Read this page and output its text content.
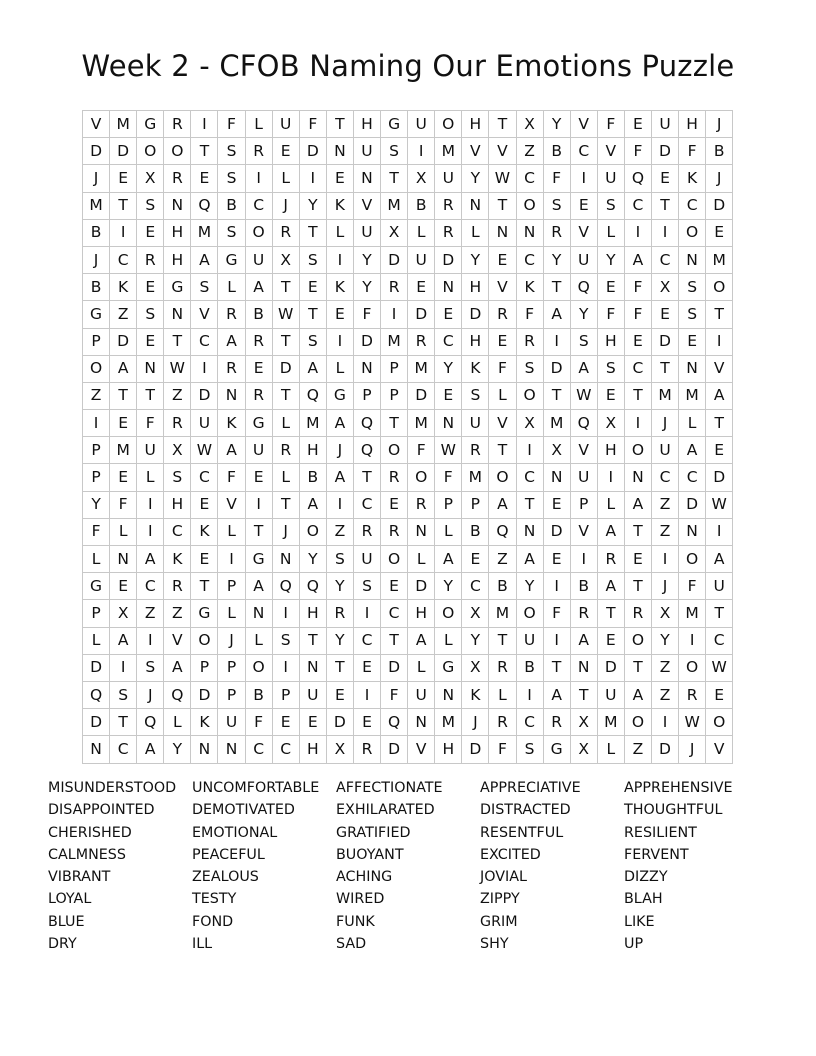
Week 2 - CFOB Naming Our Emotions Puzzle
V	M	G	R	I	F	L	U	F	T	H	G	U	O	H	T	X	Y	V	F	E	U	H	J
D	D	O	O	T	S	R	E	D	N	U	S	I	M	V	V	Z	B	C	V	F	D	F	B
J	E	X	R	E	S	I	L	I	E	N	T	X	U	Y	W	C	F	I	U	Q	E	K	J
M	T	S	N	Q	B	C	J	Y	K	V	M	B	R	N	T	O	S	E	S	C	T	C	D
B	I	E	H	M	S	O	R	T	L	U	X	L	R	L	N	N	R	V	L	I	I	O	E
J	C	R	H	A	G	U	X	S	I	Y	D	U	D	Y	E	C	Y	U	Y	A	C	N	M
B	K	E	G	S	L	A	T	E	K	Y	R	E	N	H	V	K	T	Q	E	F	X	S	O
G	Z	S	N	V	R	B	W	T	E	F	I	D	E	D	R	F	A	Y	F	F	E	S	T
P	D	E	T	C	A	R	T	S	I	D	M	R	C	H	E	R	I	S	H	E	D	E	I
O	A	N	W	I	R	E	D	A	L	N	P	M	Y	K	F	S	D	A	S	C	T	N	V
Z	T	T	Z	D	N	R	T	Q	G	P	P	D	E	S	L	O	T	W	E	T	M	M	A
I	E	F	R	U	K	G	L	M	A	Q	T	M	N	U	V	X	M	Q	X	I	J	L	T
P	M	U	X	W	A	U	R	H	J	Q	O	F	W	R	T	I	X	V	H	O	U	A	E
P	E	L	S	C	F	E	L	B	A	T	R	O	F	M	O	C	N	U	I	N	C	C	D
Y	F	I	H	E	V	I	T	A	I	C	E	R	P	P	A	T	E	P	L	A	Z	D	W
F	L	I	C	K	L	T	J	O	Z	R	R	N	L	B	Q	N	D	V	A	T	Z	N	I
L	N	A	K	E	I	G	N	Y	S	U	O	L	A	E	Z	A	E	I	R	E	I	O	A
G	E	C	R	T	P	A	Q	Q	Y	S	E	D	Y	C	B	Y	I	B	A	T	J	F	U
P	X	Z	Z	G	L	N	I	H	R	I	C	H	O	X	M	O	F	R	T	R	X	M	T
L	A	I	V	O	J	L	S	T	Y	C	T	A	L	Y	T	U	I	A	E	O	Y	I	C
D	I	S	A	P	P	O	I	N	T	E	D	L	G	X	R	B	T	N	D	T	Z	O	W
Q	S	J	Q	D	P	B	P	U	E	I	F	U	N	K	L	I	A	T	U	A	Z	R	E
D	T	Q	L	K	U	F	E	E	D	E	Q	N	M	J	R	C	R	X	M	O	I	W	O
N	C	A	Y	N	N	C	C	H	X	R	D	V	H	D	F	S	G	X	L	Z	D	J	V
MISUNDERSTOOD	UNCOMFORTABLE	AFFECTIONATE	APPRECIATIVE	APPREHENSIVE
DISAPPOINTED	DEMOTIVATED	EXHILARATED	DISTRACTED	THOUGHTFUL
CHERISHED	EMOTIONAL	GRATIFIED	RESENTFUL	RESILIENT
CALMNESS	PEACEFUL	BUOYANT	EXCITED	FERVENT
VIBRANT	ZEALOUS	ACHING	JOVIAL	DIZZY
LOYAL	TESTY	WIRED	ZIPPY	BLAH
BLUE	FOND	FUNK	GRIM	LIKE
DRY	ILL	SAD	SHY	UP
